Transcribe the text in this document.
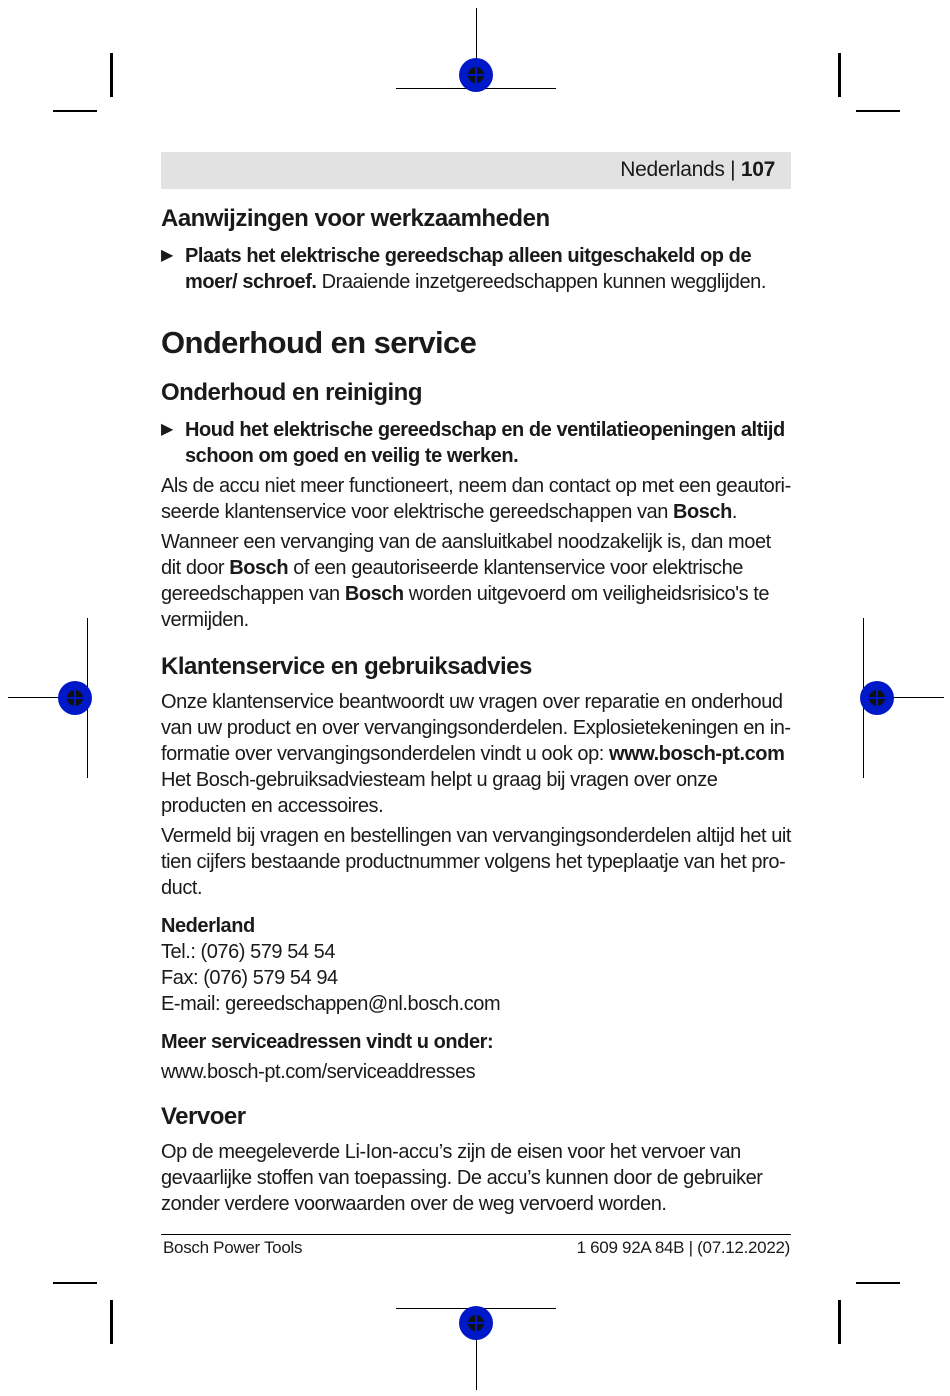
Nederlands | 107
Aanwijzingen voor werkzaamheden
▶ Plaats het elektrische gereedschap alleen uitgeschakeld op de moer/ schroef. Draaiende inzetgereedschappen kunnen wegglijden.
Onderhoud en service
Onderhoud en reiniging
▶ Houd het elektrische gereedschap en de ventilatieopeningen altijd schoon om goed en veilig te werken.

Als de accu niet meer functioneert, neem dan contact op met een geautoriseerde klantenservice voor elektrische gereedschappen van Bosch.

Wanneer een vervanging van de aansluitkabel noodzakelijk is, dan moet dit door Bosch of een geautoriseerde klantenservice voor elektrische gereedschappen van Bosch worden uitgevoerd om veiligheidsrisico's te vermijden.

Klantenservice en gebruiksadvies

Onze klantenservice beantwoordt uw vragen over reparatie en onderhoud van uw product en over vervangingsonderdelen. Explosietekeningen en informatie over vervangingsonderdelen vindt u ook op: www.bosch-pt.com
Het Bosch-gebruiksadviesteam helpt u graag bij vragen over onze producten en accessoires.

Vermeld bij vragen en bestellingen van vervangingsonderdelen altijd het uit tien cijfers bestaande productnummer volgens het typeplaatje van het product.

Nederland

Tel.: (076) 579 54 54

Fax: (076) 579 54 94

E-mail: gereedschappen@nl.bosch.com

Meer serviceadressen vindt u onder:

www.bosch-pt.com/serviceaddresses

Vervoer

Op de meegeleverde Li-Ion-accu’s zijn de eisen voor het vervoer van gevaarlijke stoffen van toepassing. De accu’s kunnen door de gebruiker zonder verdere voorwaarden over de weg vervoerd worden.

Bosch Power Tools	1 609 92A 84B | (07.12.2022)
